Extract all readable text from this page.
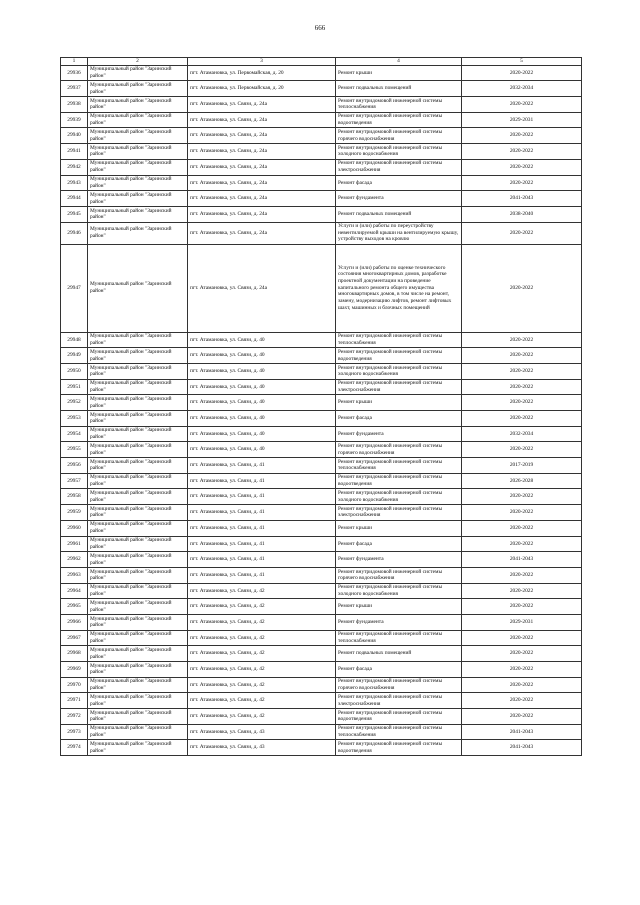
666
1	2	3	4	5
29936	Муниципальный район "Заринский район"	пгт. Атамановка, ул. Первомайская, д. 20	Ремонт крыши	2020-2022
29937	Муниципальный район "Заринский район"	пгт. Атамановка, ул. Первомайская, д. 20	Ремонт подвальных помещений	2032-2034
29938	Муниципальный район "Заринский район"	пгт. Атамановка, ул. Связи, д. 24а	Ремонт внутридомовой инженерной системы теплоснабжения	2020-2022
29939	Муниципальный район "Заринский район"	пгт. Атамановка, ул. Связи, д. 24а	Ремонт внутридомовой инженерной системы водоотведения	2029-2031
29940	Муниципальный район "Заринский район"	пгт. Атамановка, ул. Связи, д. 24а	Ремонт внутридомовой инженерной системы горячего водоснабжения	2020-2022
29941	Муниципальный район "Заринский район"	пгт. Атамановка, ул. Связи, д. 24а	Ремонт внутридомовой инженерной системы холодного водоснабжения	2020-2022
29942	Муниципальный район "Заринский район"	пгт. Атамановка, ул. Связи, д. 24а	Ремонт внутридомовой инженерной системы электроснабжения	2020-2022
29943	Муниципальный район "Заринский район"	пгт. Атамановка, ул. Связи, д. 24а	Ремонт фасада	2020-2022
29944	Муниципальный район "Заринский район"	пгт. Атамановка, ул. Связи, д. 24а	Ремонт фундамента	2041-2043
29945	Муниципальный район "Заринский район"	пгт. Атамановка, ул. Связи, д. 24а	Ремонт подвальных помещений	2038-2040
29946	Муниципальный район "Заринский район"	пгт. Атамановка, ул. Связи, д. 24а	Услуги и (или) работы по переустройству невентилируемой крыши на вентилируемую крышу, устройству выходов на кровлю	2020-2022
29947	Муниципальный район "Заринский район"	пгт. Атамановка, ул. Связи, д. 24а	Услуги и (или) работы по оценке технического состояния многоквартирных домов, разработке проектной документации на проведение капитального ремонта общего имущества многоквартирных домов, в том числе на ремонт, замену, модернизацию лифтов, ремонт лифтовых шахт, машинных и блочных помещений	2020-2022
29948	Муниципальный район "Заринский район"	пгт. Атамановка, ул. Связи, д. 40	Ремонт внутридомовой инженерной системы теплоснабжения	2020-2022
29949	Муниципальный район "Заринский район"	пгт. Атамановка, ул. Связи, д. 40	Ремонт внутридомовой инженерной системы водоотведения	2020-2022
29950	Муниципальный район "Заринский район"	пгт. Атамановка, ул. Связи, д. 40	Ремонт внутридомовой инженерной системы холодного водоснабжения	2020-2022
29951	Муниципальный район "Заринский район"	пгт. Атамановка, ул. Связи, д. 40	Ремонт внутридомовой инженерной системы электроснабжения	2020-2022
29952	Муниципальный район "Заринский район"	пгт. Атамановка, ул. Связи, д. 40	Ремонт крыши	2020-2022
29953	Муниципальный район "Заринский район"	пгт. Атамановка, ул. Связи, д. 40	Ремонт фасада	2020-2022
29954	Муниципальный район "Заринский район"	пгт. Атамановка, ул. Связи, д. 40	Ремонт фундамента	2032-2034
29955	Муниципальный район "Заринский район"	пгт. Атамановка, ул. Связи, д. 40	Ремонт внутридомовой инженерной системы горячего водоснабжения	2020-2022
29956	Муниципальный район "Заринский район"	пгт. Атамановка, ул. Связи, д. 41	Ремонт внутридомовой инженерной системы теплоснабжения	2017-2019
29957	Муниципальный район "Заринский район"	пгт. Атамановка, ул. Связи, д. 41	Ремонт внутридомовой инженерной системы водоотведения	2026-2028
29958	Муниципальный район "Заринский район"	пгт. Атамановка, ул. Связи, д. 41	Ремонт внутридомовой инженерной системы холодного водоснабжения	2020-2022
29959	Муниципальный район "Заринский район"	пгт. Атамановка, ул. Связи, д. 41	Ремонт внутридомовой инженерной системы электроснабжения	2020-2022
29960	Муниципальный район "Заринский район"	пгт. Атамановка, ул. Связи, д. 41	Ремонт крыши	2020-2022
29961	Муниципальный район "Заринский район"	пгт. Атамановка, ул. Связи, д. 41	Ремонт фасада	2020-2022
29962	Муниципальный район "Заринский район"	пгт. Атамановка, ул. Связи, д. 41	Ремонт фундамента	2041-2043
29963	Муниципальный район "Заринский район"	пгт. Атамановка, ул. Связи, д. 41	Ремонт внутридомовой инженерной системы горячего водоснабжения	2020-2022
29964	Муниципальный район "Заринский район"	пгт. Атамановка, ул. Связи, д. 42	Ремонт внутридомовой инженерной системы холодного водоснабжения	2020-2022
29965	Муниципальный район "Заринский район"	пгт. Атамановка, ул. Связи, д. 42	Ремонт крыши	2020-2022
29966	Муниципальный район "Заринский район"	пгт. Атамановка, ул. Связи, д. 42	Ремонт фундамента	2029-2031
29967	Муниципальный район "Заринский район"	пгт. Атамановка, ул. Связи, д. 42	Ремонт внутридомовой инженерной системы теплоснабжения	2020-2022
29968	Муниципальный район "Заринский район"	пгт. Атамановка, ул. Связи, д. 42	Ремонт подвальных помещений	2020-2022
29969	Муниципальный район "Заринский район"	пгт. Атамановка, ул. Связи, д. 42	Ремонт фасада	2020-2022
29970	Муниципальный район "Заринский район"	пгт. Атамановка, ул. Связи, д. 42	Ремонт внутридомовой инженерной системы горячего водоснабжения	2020-2022
29971	Муниципальный район "Заринский район"	пгт. Атамановка, ул. Связи, д. 42	Ремонт внутридомовой инженерной системы электроснабжения	2020-2022
29972	Муниципальный район "Заринский район"	пгт. Атамановка, ул. Связи, д. 42	Ремонт внутридомовой инженерной системы водоотведения	2020-2022
29973	Муниципальный район "Заринский район"	пгт. Атамановка, ул. Связи, д. 43	Ремонт внутридомовой инженерной системы теплоснабжения	2041-2043
29974	Муниципальный район "Заринский район"	пгт. Атамановка, ул. Связи, д. 43	Ремонт внутридомовой инженерной системы водоотведения	2041-2043
